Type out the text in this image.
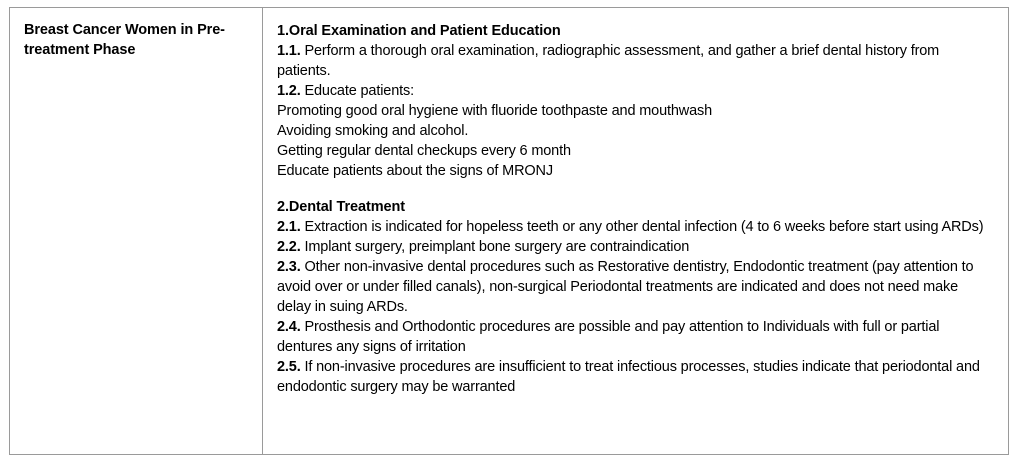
Breast Cancer Women in Pre-treatment Phase

1.Oral Examination and Patient Education

1.1. Perform a thorough oral examination, radiographic assessment, and gather a brief dental history from patients.

1.2. Educate patients:

Promoting good oral hygiene with fluoride toothpaste and mouthwash

Avoiding smoking and alcohol.

Getting regular dental checkups every 6 month

Educate patients about the signs of MRONJ

2.Dental Treatment

2.1. Extraction is indicated for hopeless teeth or any other dental infection (4 to 6 weeks before start using ARDs)

2.2. Implant surgery, preimplant bone surgery are contraindication

2.3. Other non-invasive dental procedures such as Restorative dentistry, Endodontic treatment (pay attention to avoid over or under filled canals), non-surgical Periodontal treatments are indicated and does not need make delay in suing ARDs.

2.4. Prosthesis and Orthodontic procedures are possible and pay attention to Individuals with full or partial dentures any signs of irritation

2.5. If non-invasive procedures are insufficient to treat infectious processes, studies indicate that periodontal and endodontic surgery may be warranted
